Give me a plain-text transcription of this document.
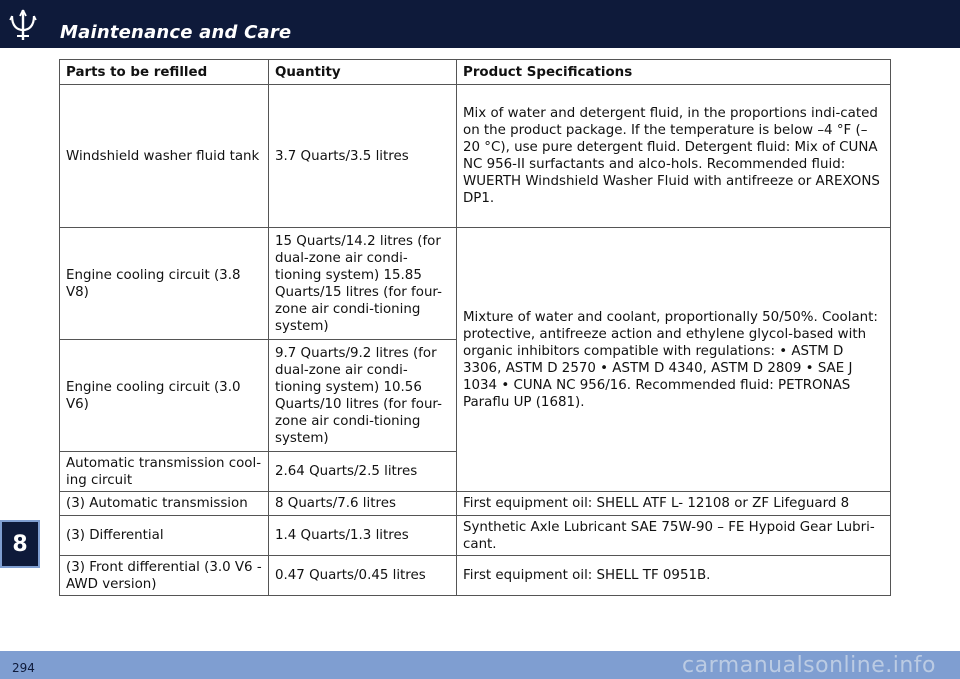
Maintenance and Care
8
Parts to be refilled	Quantity	Product Specifications
Windshield washer fluid tank	3.7 Quarts/3.5 litres	Mix of water and detergent fluid, in the proportions indi-cated on the product package. If the temperature is below –4 °F (–20 °C), use pure detergent fluid. Detergent fluid: Mix of CUNA NC 956-II surfactants and alco-hols. Recommended fluid: WUERTH Windshield Washer Fluid with antifreeze or AREXONS DP1.
Engine cooling circuit (3.8 V8)	15 Quarts/14.2 litres (for dual-zone air condi-tioning system) 15.85 Quarts/15 litres (for four-zone air condi-tioning system)	Mixture of water and coolant, proportionally 50/50%. Coolant: protective, antifreeze action and ethylene glycol-based with organic inhibitors compatible with regulations: • ASTM D 3306, ASTM D 2570 • ASTM D 4340, ASTM D 2809 • SAE J 1034 • CUNA NC 956/16. Recommended fluid: PETRONAS Paraflu UP (1681).
Engine cooling circuit (3.0 V6)	9.7 Quarts/9.2 litres (for dual-zone air condi-tioning system) 10.56 Quarts/10 litres (for four-zone air condi-tioning system)	
Automatic transmission cool-ing circuit	2.64 Quarts/2.5 litres	
(3) Automatic transmission	8 Quarts/7.6 litres	First equipment oil: SHELL ATF L- 12108 or ZF Lifeguard 8
(3) Differential	1.4 Quarts/1.3 litres	Synthetic Axle Lubricant SAE 75W-90 – FE Hypoid Gear Lubri-cant.
(3) Front differential (3.0 V6 - AWD version)	0.47 Quarts/0.45 litres	First equipment oil: SHELL TF 0951B.
294	carmanualsonline.info
